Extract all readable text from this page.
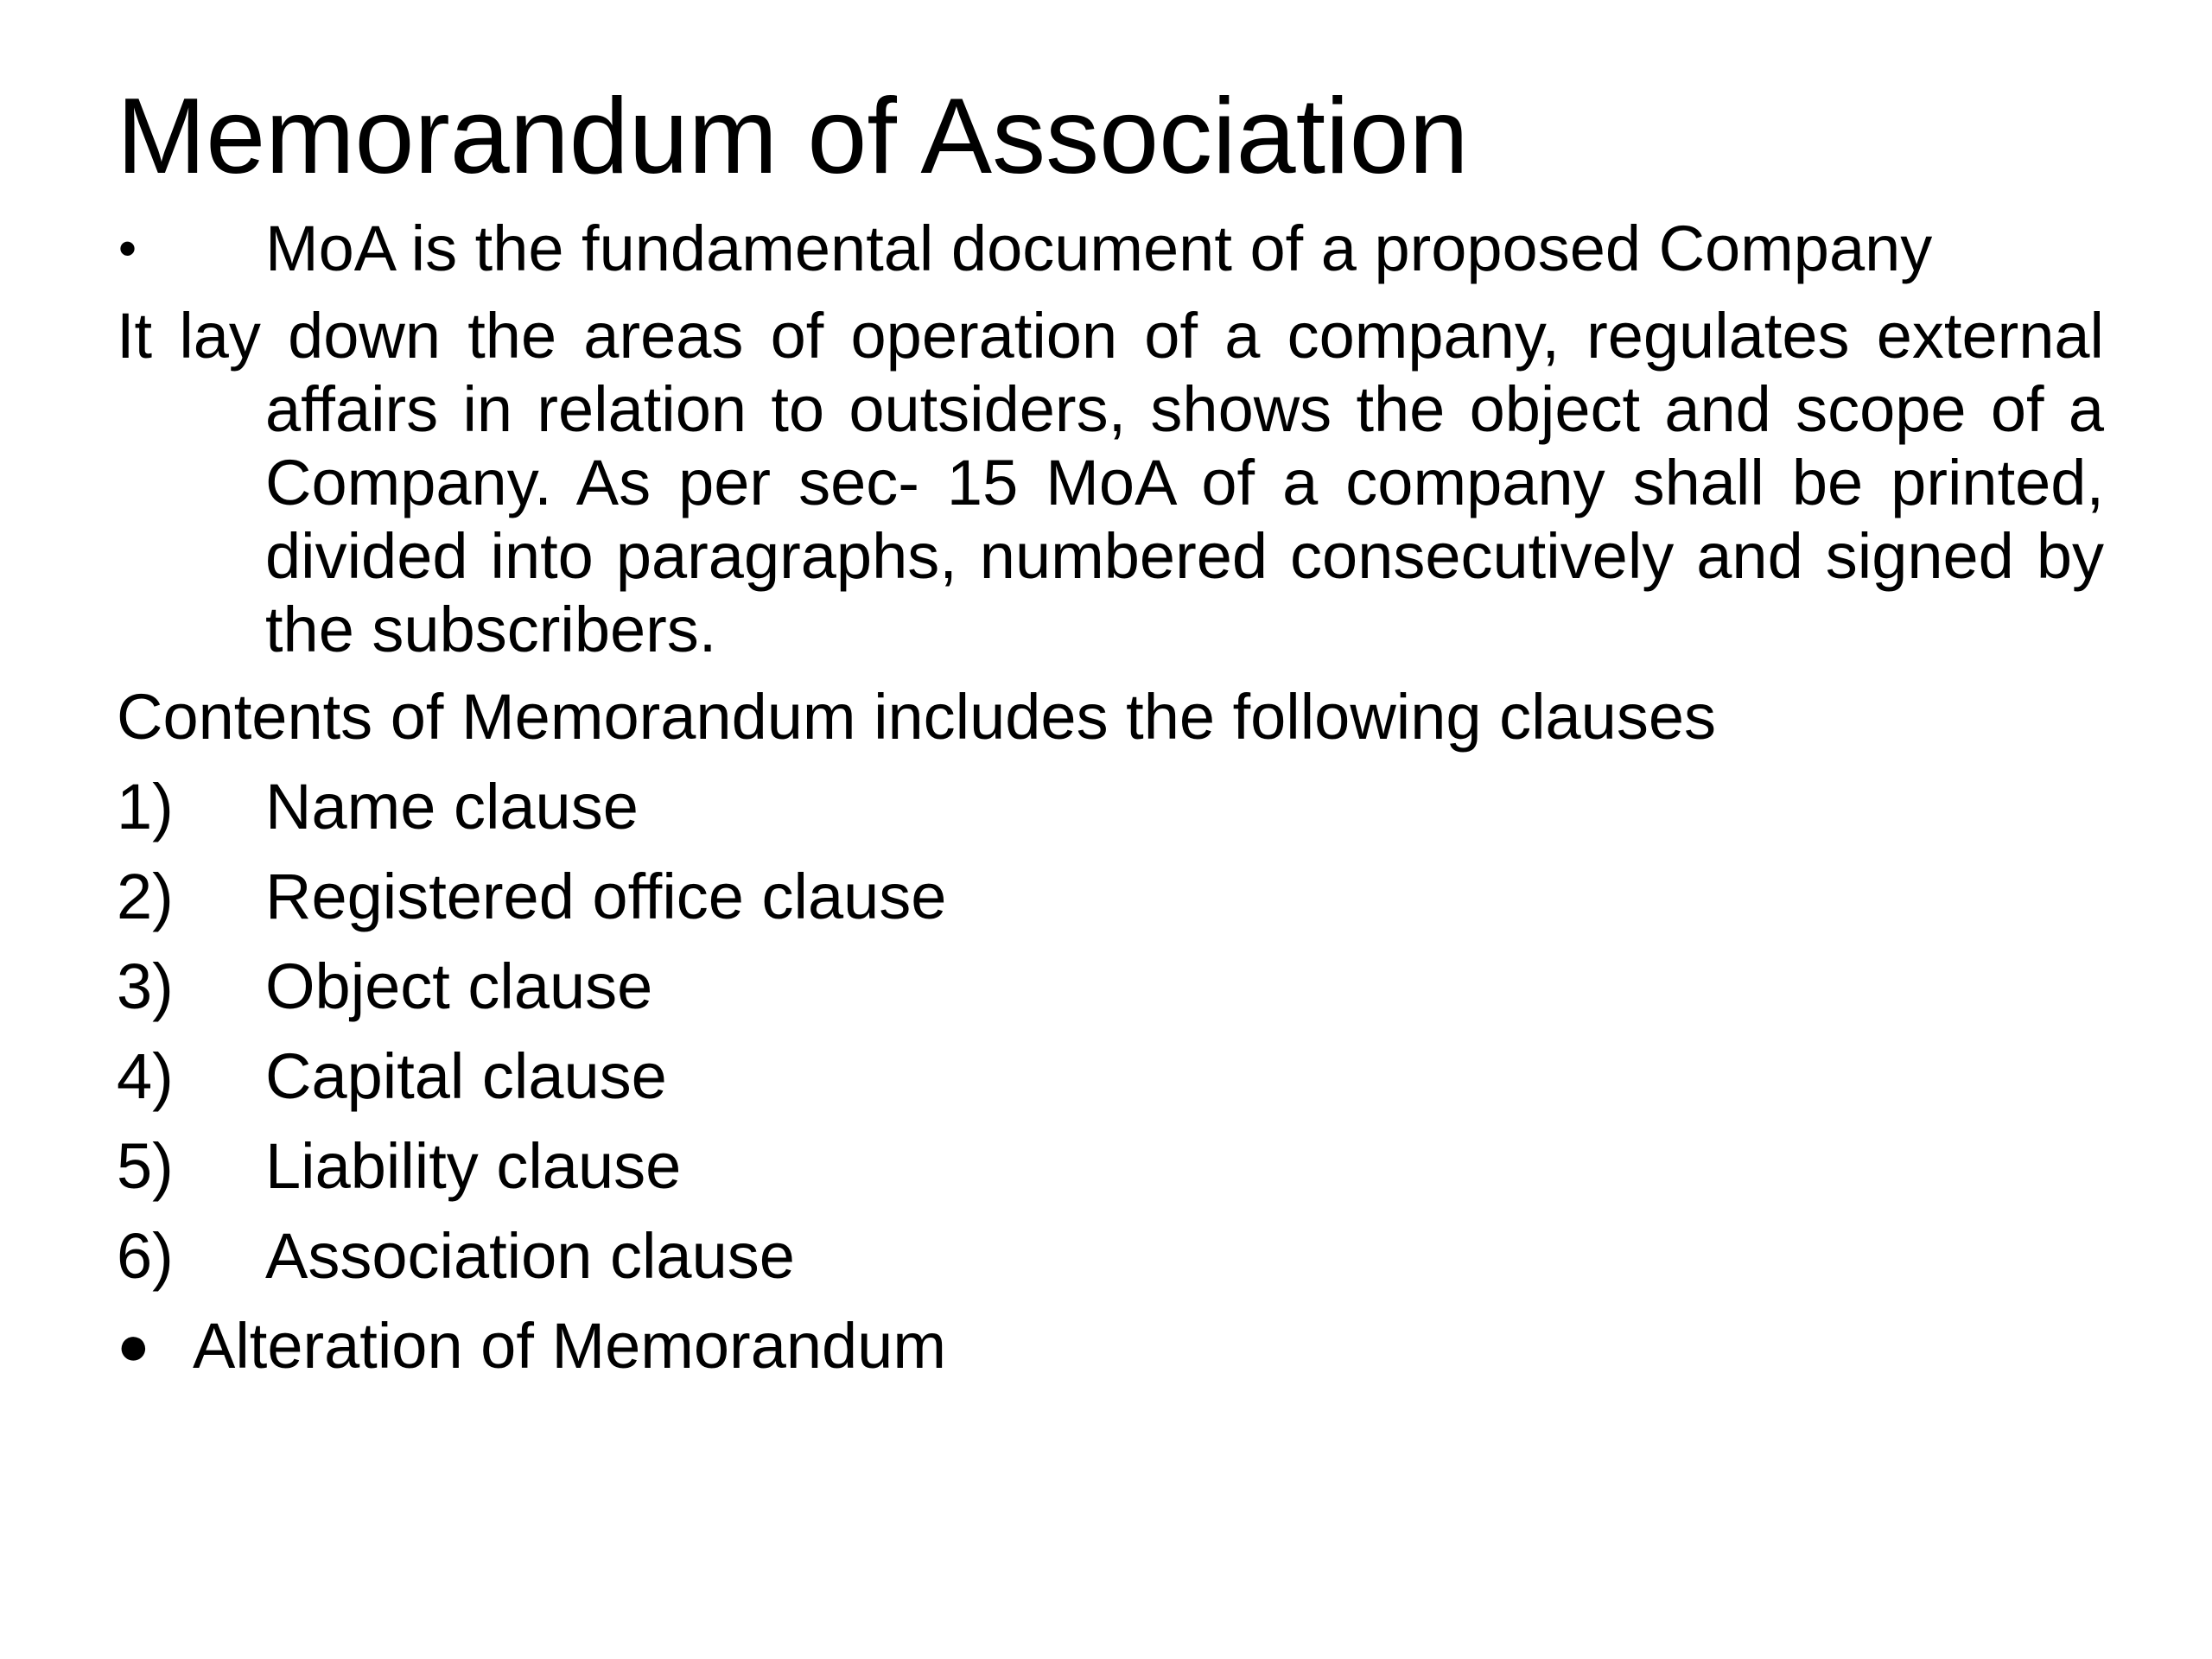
Memorandum of Association
•	MoA is the fundamental document of a proposed Company
It lay down the areas of operation of a company, regulates external affairs in relation to outsiders, shows the object and scope of a Company. As per sec- 15 MoA of a company shall be printed, divided into paragraphs, numbered consecutively and signed by the subscribers.
Contents of Memorandum includes the following clauses
1)	Name clause
2)	Registered office clause
3)	Object clause
4)	Capital clause
5)	Liability clause
6)	Association clause
● Alteration of Memorandum
